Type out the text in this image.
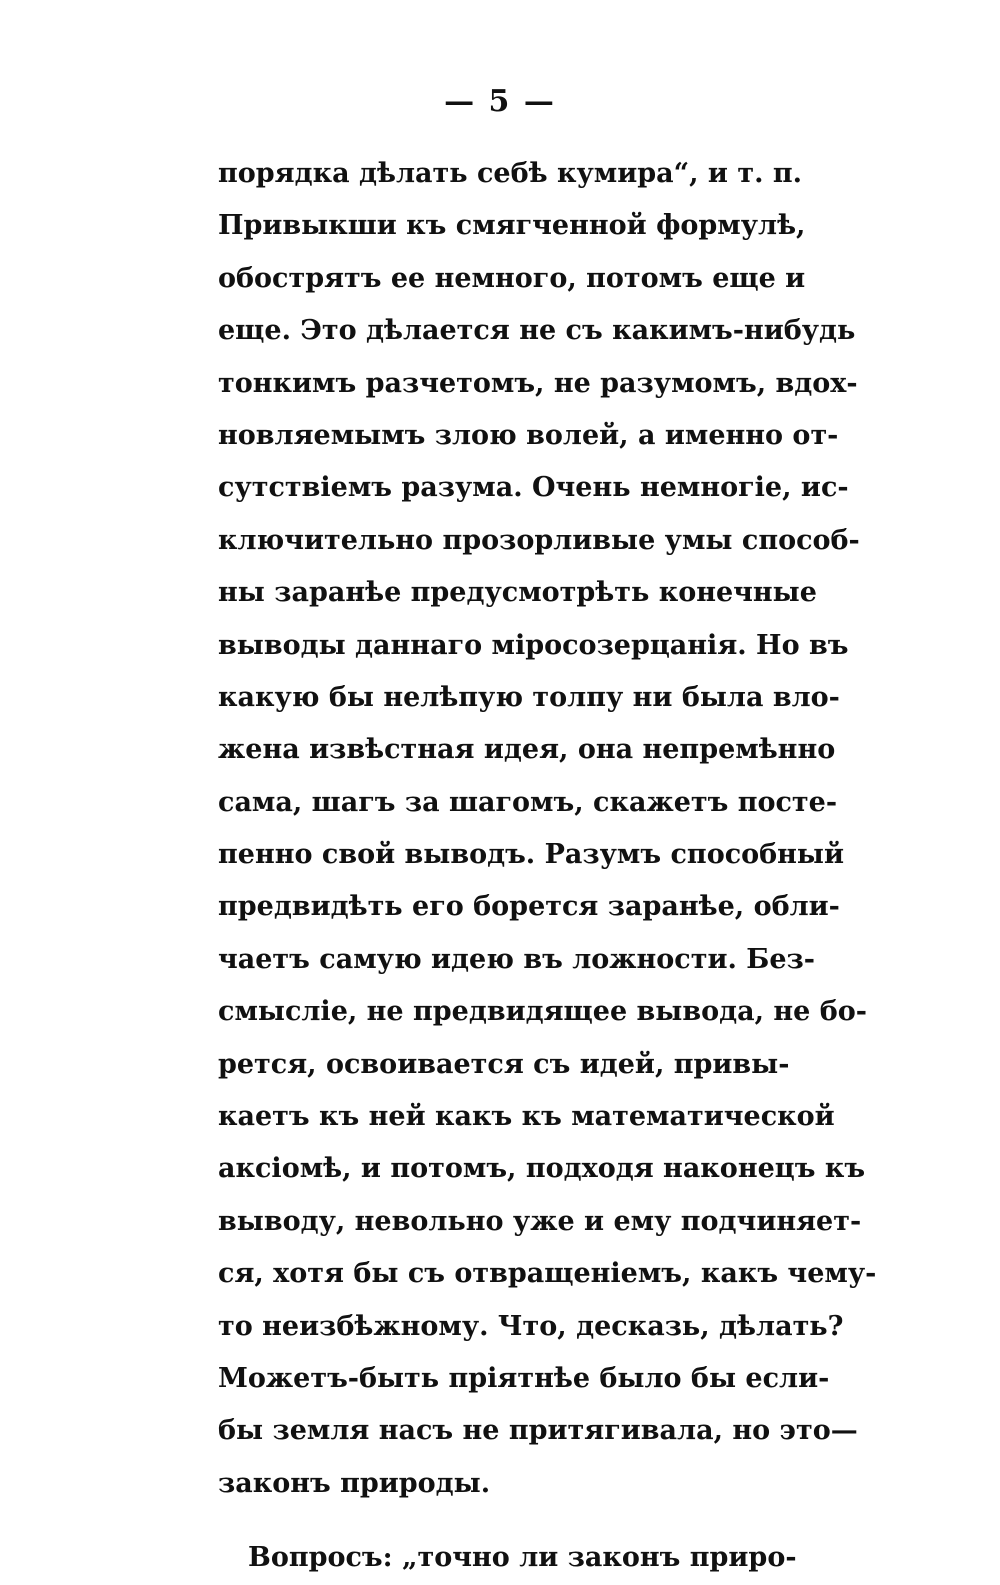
— 5 —
порядка дѣлать себѣ кумира“, и т. п.
Привыкши къ смягченной формулѣ,
обострятъ ее немного, потомъ еще и
еще. Это дѣлается не съ какимъ-нибудь
тонкимъ разчетомъ, не разумомъ, вдох-
новляемымъ злою волей, а именно от-
сутствіемъ разума. Очень немногіе, ис-
ключительно прозорливые умы способ-
ны заранѣе предусмотрѣть конечные
выводы даннаго міросозерцанія. Но въ
какую бы нелѣпую толпу ни была вло-
жена извѣстная идея, она непремѣнно
сама, шагъ за шагомъ, скажетъ посте-
пенно свой выводъ. Разумъ способный
предвидѣть его борется заранѣе, обли-
чаетъ самую идею въ ложности. Без-
смысліе, не предвидящее вывода, не бо-
рется, освоивается съ идей, привы-
каетъ къ ней какъ къ математической
аксіомѣ, и потомъ, подходя наконецъ къ
выводу, невольно уже и ему подчиняет-
ся, хотя бы съ отвращеніемъ, какъ чему-
то неизбѣжному. Что, десказь, дѣлать?
Можетъ-быть пріятнѣе было бы если-
бы земля насъ не притягивала, но это—
законъ природы.
Вопросъ: „точно ли законъ приро-
